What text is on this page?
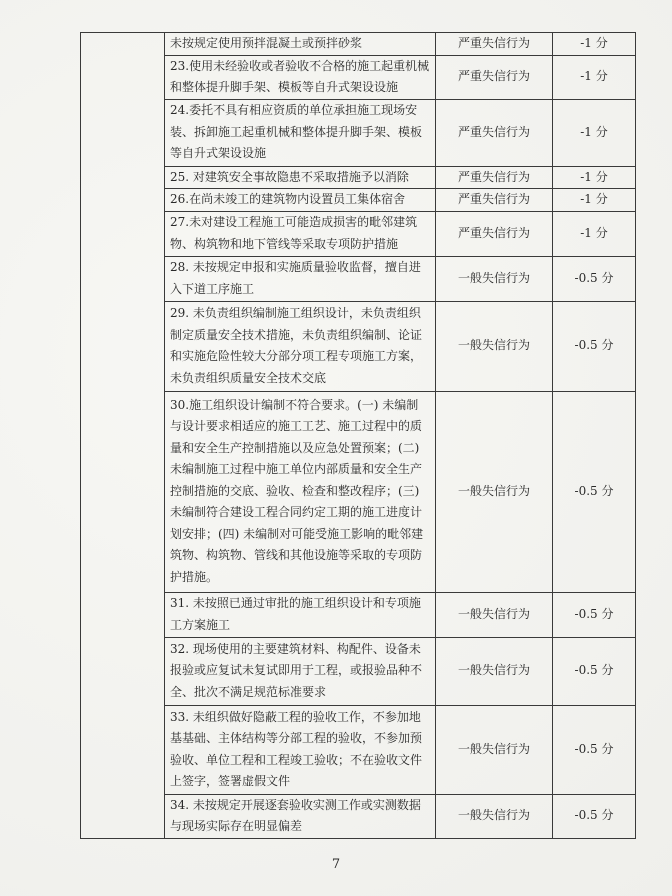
	未按规定使用预拌混凝土或预拌砂浆	严重失信行为	-1 分
	23.使用未经验收或者验收不合格的施工起重机械和整体提升脚手架、模板等自升式架设设施	严重失信行为	-1 分
	24.委托不具有相应资质的单位承担施工现场安装、拆卸施工起重机械和整体提升脚手架、模板等自升式架设设施	严重失信行为	-1 分
	25. 对建筑安全事故隐患不采取措施予以消除	严重失信行为	-1 分
	26.在尚未竣工的建筑物内设置员工集体宿舍	严重失信行为	-1 分
	27.未对建设工程施工可能造成损害的毗邻建筑物、构筑物和地下管线等采取专项防护措施	严重失信行为	-1 分
	28. 未按规定申报和实施质量验收监督，擅自进入下道工序施工	一般失信行为	-0.5 分
	29. 未负责组织编制施工组织设计，未负责组织制定质量安全技术措施，未负责组织编制、论证和实施危险性较大分部分项工程专项施工方案，未负责组织质量安全技术交底	一般失信行为	-0.5 分
	30.施工组织设计编制不符合要求。(一) 未编制与设计要求相适应的施工工艺、施工过程中的质量和安全生产控制措施以及应急处置预案；(二) 未编制施工过程中施工单位内部质量和安全生产控制措施的交底、验收、检查和整改程序；(三) 未编制符合建设工程合同约定工期的施工进度计划安排；(四) 未编制对可能受施工影响的毗邻建筑物、构筑物、管线和其他设施等采取的专项防护措施。	一般失信行为	-0.5 分
	31. 未按照已通过审批的施工组织设计和专项施工方案施工	一般失信行为	-0.5 分
	32. 现场使用的主要建筑材料、构配件、设备未报验或应复试未复试即用于工程，或报验品种不全、批次不满足规范标准要求	一般失信行为	-0.5 分
	33. 未组织做好隐蔽工程的验收工作，不参加地基基础、主体结构等分部工程的验收，不参加预验收、单位工程和工程竣工验收；不在验收文件上签字，签署虚假文件	一般失信行为	-0.5 分
	34. 未按规定开展逐套验收实测工作或实测数据与现场实际存在明显偏差	一般失信行为	-0.5 分
7
